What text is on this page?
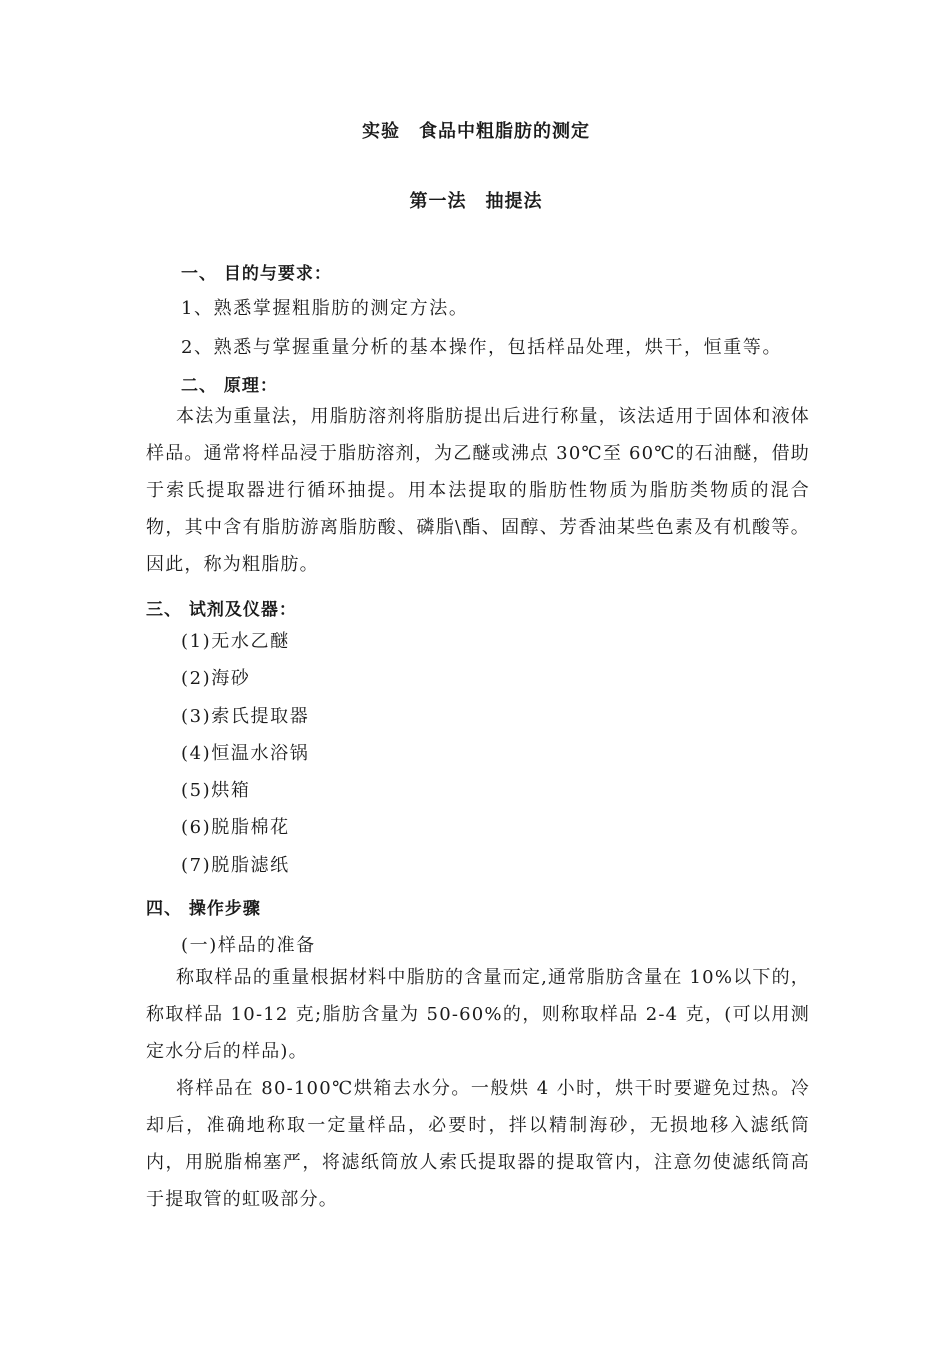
实验　食品中粗脂肪的测定
第一法　抽提法
一、 目的与要求：
1、熟悉掌握粗脂肪的测定方法。
2、熟悉与掌握重量分析的基本操作，包括样品处理，烘干，恒重等。
二、 原理：

本法为重量法，用脂肪溶剂将脂肪提出后进行称量，该法适用于固体和液体样品。通常将样品浸于脂肪溶剂，为乙醚或沸点 30℃至 60℃的石油醚，借助于索氏提取器进行循环抽提。用本法提取的脂肪性物质为脂肪类物质的混合物，其中含有脂肪游离脂肪酸、磷脂\酯、固醇、芳香油某些色素及有机酸等。因此，称为粗脂肪。

三、 试剂及仪器：
(1)无水乙醚
(2)海砂
(3)索氏提取器
(4)恒温水浴锅
(5)烘箱
(6)脱脂棉花
(7)脱脂滤纸
四、 操作步骤
(一)样品的准备

称取样品的重量根据材料中脂肪的含量而定,通常脂肪含量在 10%以下的，称取样品 10-12 克;脂肪含量为 50-60%的，则称取样品 2-4 克，(可以用测定水分后的样品)。

将样品在 80-100℃烘箱去水分。一般烘 4 小时，烘干时要避免过热。冷却后，准确地称取一定量样品，必要时，拌以精制海砂，无损地移入滤纸筒内，用脱脂棉塞严，将滤纸筒放人索氏提取器的提取管内，注意勿使滤纸筒高于提取管的虹吸部分。
